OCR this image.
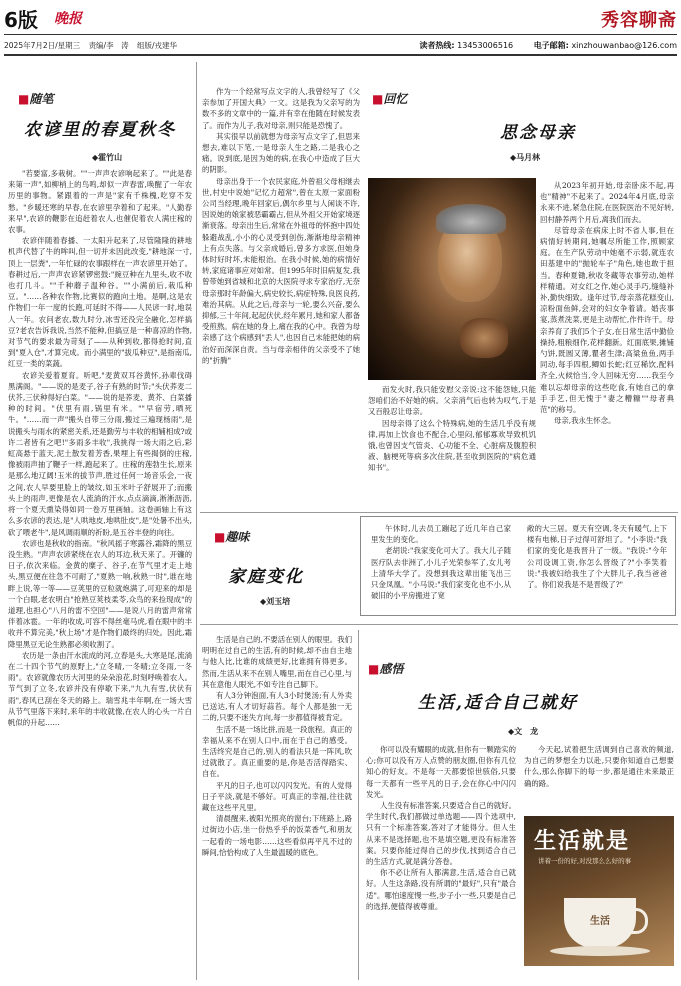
6版 晚报	秀容聊斋
2025年7月2日/星期三 责编/李　涛 组版/戎建华	读者热线: 13453006516	电子邮箱: xinzhouwanbao@126.com
■随笔
农谚里的春夏秋冬
◆霍竹山

"若要富,多栽树。""一声声农谚响起来了。""此是春来第一声",如柳梢上的鸟鸣,却似一声春雷,唤醒了一年农历里的事物。紧跟着的一声是"家有千株槐,吃穿不发愁。"乡暖还寒的早春,在农谚里孕着和了起来。"人勤春来早",农谚的鞭影在追赶着农人,也催促着农人满庄稼的农事。

农谚伴随着春播、一太阳升起来了,尽管隆隆的耕地机声代替了牛的哞叫,但一切并未因此改变,"耕地深一寸,顶上一层粪",一年忙碌的农事跟样在一声农谚里开始了。春耕过后,一声声农谚紧锣密鼓:"豌豆种在九里头,收不收也打几斗。""千种蘑子温种谷。""小满前后,栽瓜种豆。"……各种农作物,比赛似的跑向土地。是啊,这是农作物们一年一度的长跑,可延时不得——人民谚一时,地误人一年。农问老农,数九时分,冰雪还没完全融化,怎样搞豆?老农告诉我说,当然不能种,但搞豆是一种喜凉的作物,对节气的要求最为苛刻了——从种到收,都得抢时间,直到"夏入仓",才算完成。而小满里的"拔瓜种豆",是指南瓜,红豆一类的菜蔬。

农谚关爱着夏育。听吧,"麦黄双耳谷黄怀,孙辈伐碍黑满阁。"——说的是麦子,谷子有熟的时节;"头伏荞麦二伏芥,三伏种得好白菜。"——说的是荞麦、黄芥、白菜播种的时间。"伏里有雨,锅里有米。""早宿劳,晒死牛。"……而一声"搬头自带三分雨,搬过三遍现杨雨",是说搬头与雨水的紧密关系,还是勤劳与丰收的相辅相成?或许二者皆有之吧!"多雨多丰收",我挑得一场大雨之后,彩虹高悬于蓝天,泥土散发着芳香,果埋上有些揭倒的庄稼,像被雨声抽了鞭子一样,跑起来了。庄稼的莲勃生长,原来是那么地辽阔!玉米的拔节声,胜过任何一场音乐会,一夜之间,农人早要里脸上的皱纹,如玉米叶子舒展开了;而搬头上的雨声,更像是农人流淌的汗水,点点滴滴,淅淅沥沥,将一个夏天熏染得如同一卷万里画轴。这卷画轴上有这么多农谚的表达,是"人哄地皮,地哄肚皮",是"处暑不出头,砍了喂老牛",是风调雨顺的祈盼,是五谷丰登的向往。

农谚也是秋收的指南。"秋风摇子寒露谷,霜降的黑豆没生熟。"声声农谚紧绕在农人的耳边,秋天来了。开镰的日子,依次来临。金黄的糜子、谷子,在节气里才走上地头,黑豆便在往急不可耐了,"夏熟一响,秋熟一时",谁在地畔上说,等一等——豆荚里的豆粒就炮满了,可迎来的却是一个白眼,老农明白"抢熟豆荚枝柔苓,众鸟的来捡现成"的道理,也担心"八月的雷不空回"——是说八月的雷声常常伴着冰雹。一年的收成,可容不得丝毫马虎,看在眼中的丰收并不算完美,"秋上场"才是作物们最终的归处。因此,霜降里黑豆无论生熟都必须收割了。

农历是一条由汗水流成的河,立春是头,大寒是尾,流淌在二十四个节气的原野上,"立冬晴,一冬晴;立冬雨,一冬雨"。农谚就像农历大河里的朵朵浪花,时刻呼唤着农人。节气到了立冬,农谚并没有停歇下来,"九九有雪,伏伏有雨",春风已刮在冬天的路上。瑞雪兆丰年啊,在一场大雪从节气里落下来时,来年的丰收就像,在农人的心头一片白帆似的升起……

作为一个经常写点文字的人,我曾经写了《父亲参加了开国大典》一文。这是我为父亲写的为数不多的文章中的一篇,并有幸在他随在时候发表了。而作为儿子,我对母亲,则只能是恐愧了。

其实很早以前就想为母亲写点文字了,但思来想去,难以下笔,一是母亲人生之路,二是我心之痛。说到底,是因为她的病,在我心中造成了巨大的阴影。

母亲出身于一个农民家庭,外曾祖父母相继去世,村史中说她"记忆力超常",曾在太原一家面粉公司当经理,晚年回家后,偶尔乡里与人闲谈不许,因说她的娘家被恶霸霸占,但从外祖父开始家境逐渐衰落。母亲出生后,常常在外祖母的怀抱中四处躲避战乱,小小的心灵受到创伤,渐渐地母亲精神上有点失落。与父亲成婚后,曾多方求医,但她身体时好时坏,未能根治。在我小时候,她的病情好转,家庭诸事应对如常。但1995年时旧病复发,我曾带她到省城和北京的大医院寻求专家治疗,无奈母亲那时年龄偏大,病史较长,病症特殊,良医良药,难治其病。从此之后,母亲与一轮,要么兴奋,要么抑郁,三十年间,起起伏伏,经年累月,她和家人都备受煎熬。病在她的身上,痛在我的心中。我曾为母亲感了这个病感到"丢人",也因自己未能把她的病治好而深深自责。当与母亲相伴的父亲受不了她的"折腾"

■回忆
思念母亲
◆马月林

从2023年初开始,母亲卧床不起,再也"精神"不起来了。2024年4月底,母亲永来不进,紧急住院,在医院医治不见好转,回村静养两个月后,离我们而去。

尽管母亲在病床上时不省人事,但在病情好转期间,她嘱尽所能工作,照顾家庭。在生产队劳动中她毫不示弱,就连农田基建中的"抛轮车子"角色,她也敢于担当。春种夏锄,秋收冬藏等农事劳动,她样样精通。对女红之作,她心灵手巧,缝缝补补,勤快细致。逢年过节,母亲蒸花糕变山,凉粉面鱼鲜,会对的妇女争着请。婚丧事宴,蒸煮洗菜,更是主动帮忙,作件许干。母亲养育了我们5个子女,在日常生活中勤俭操持,粗粮细作,花样翻新。红面底果,摊铺勺饼,既圆又薄,瞿者生津;高粱鱼鱼,两手同动,每手四根,鲫如长蛇;红豆稀饮,配料齐全,火候恰当,令人回味无穷……我至今难以忘却母亲的这些吃食,有她自己的拿手手艺,但无愧于"妻之糟糠""母者典范"的称号。

母亲,我永生怀念。

而发火时,我只能安慰父亲说:这不能怨她,只能怨咱们治不好她的病。父亲消气后也转为叹气,于是又百般忍让母亲。

因母亲得了这么个特殊病,她的生活几乎没有规律,再加上饮食也不配合,心里闷,郁郁寡欢导致机饥饿,也曾因支气管炎、心功能不全、心脏病及腹腔积液、脑梗死等病多次住院,甚至收到医院的"病危通知书"。

■趣味
家庭变化
◆刘玉培

午休时,儿去员工蹦起了近几年自己家里发生的变化。

老胡说:"我家变化可大了。我大儿子随医疗队去非洲了,小儿子光荣参军了,女儿考上清华大学了。没想到我这辈出能飞出三只金凤凰。"小马说:"我们家变化也不小,从破旧的小平房搬进了宽

敞的大三居。夏天有空调,冬天有暖气,上下楼有电梯,日子过得可舒坦了。"小李说:"我们家的变化是我晋升了一级。"我说:"今年公司设调工资,你怎么晋级了?"小李笑着说:"我被妇给我生了个大胖儿子,我当爸爸了。你们说我是不是晋级了?"

生活是自己的,不要活在别人的眼里。我们明明在过自己的生活,有的时候,却不由自主地与他人比,比谁的成绩更好,比谁拥有得更多。然而,生活从来不在别人嘴里,而在自己心里,与其在意他人眼光,不如专注自己脚下。

有人3分钟泡面,有人3小时煲汤;有人外卖已送达,有人才切好蒜苔。每个人都是独一无二的,只要不迷失方向,每一步都值得被肯定。

生活不是一场比拼,而是一段旅程。真正的幸福从来不在别人口中,而在于自己的感受。生活终究是自己的,别人的看法只是一阵风,吹过就散了。真正重要的是,你是否活得踏实、自在。

平凡的日子,也可以闪闪发光。有的人觉得日子平淡,就是不够好。可真正的幸福,往往就藏在这些平凡里。

清晨醒来,被阳光照亮的窗台;下班路上,路过街边小店,坐一份热乎乎的饭菜香气,和朋友一起看的一场电影……这些看似再平凡不过的瞬间,恰恰构成了人生最温暖的底色。

■感悟
生活,适合自己就好
◆文　龙

你可以没有耀眼的成就,但你有一颗踏实的心;你可以没有万人点赞的朋友圈,但你有几位知心的好友。不是每一天都要惊世骇俗,只要每一天都有一些平凡的日子,会在你心中闪闪发光。

人生没有标准答案,只要适合自己的就好。学生时代,我们都做过单选题——四个选项中,只有一个标准答案,答对了才能得分。但人生从来不是选择题,也不是填空题,更没有标准答案。只要你能过得自己的步伐,找到适合自己的生活方式,就是满分答卷。

你不必让所有人都满意,生活,适合自己就好。人生这条路,没有所谓的"最好",只有"最合适"。哪怕速度慢一些,步子小一些,只要是自己的选择,便值得被尊重。

今天起,试着把生活调到自己喜欢的频道,为自己的梦想全力以赴,只要你知道自己想要什么,那么你脚下的每一步,都是通往未来最正确的路。

生活就是
讲着一份的好,对没那么么好的事
生活
